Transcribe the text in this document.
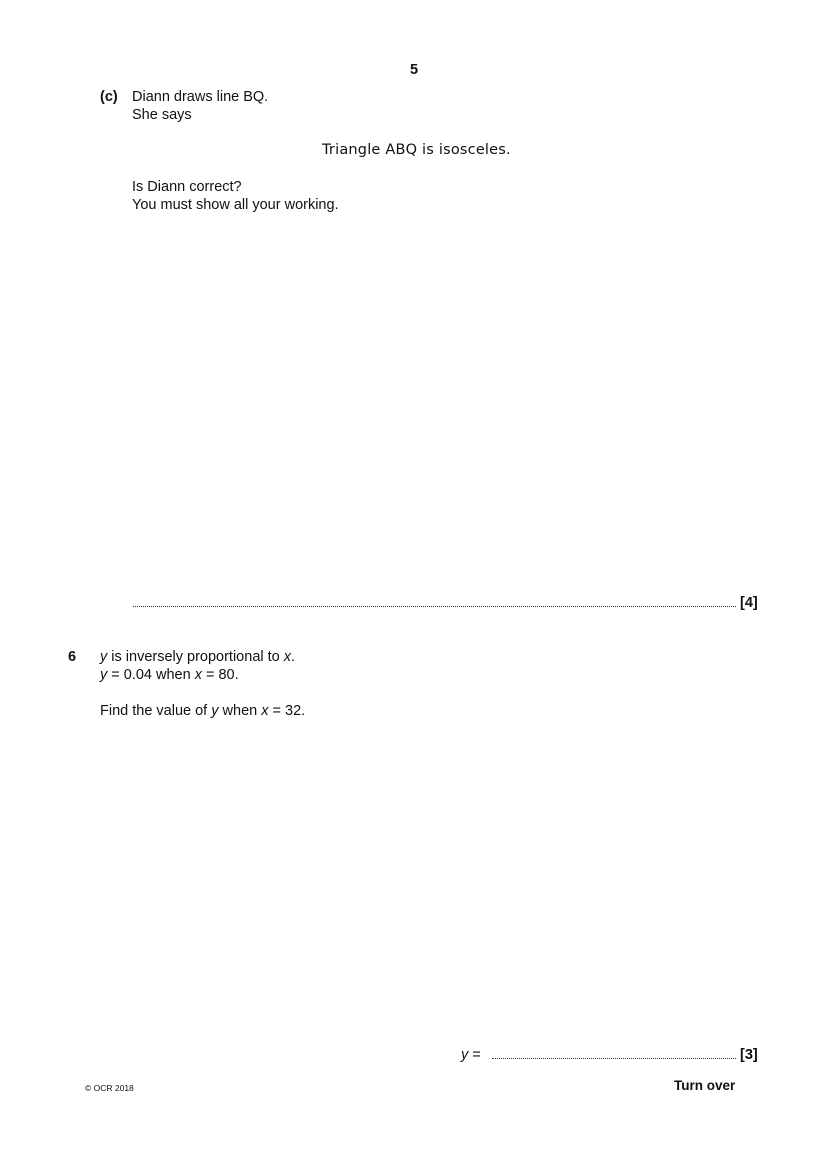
5
(c) Diann draws line BQ.
She says
Triangle ABQ is isosceles.
Is Diann correct?
You must show all your working.
[4]
6 y is inversely proportional to x.
y = 0.04 when x = 80.
Find the value of y when x = 32.
y =	[3]
© OCR 2018	Turn over
